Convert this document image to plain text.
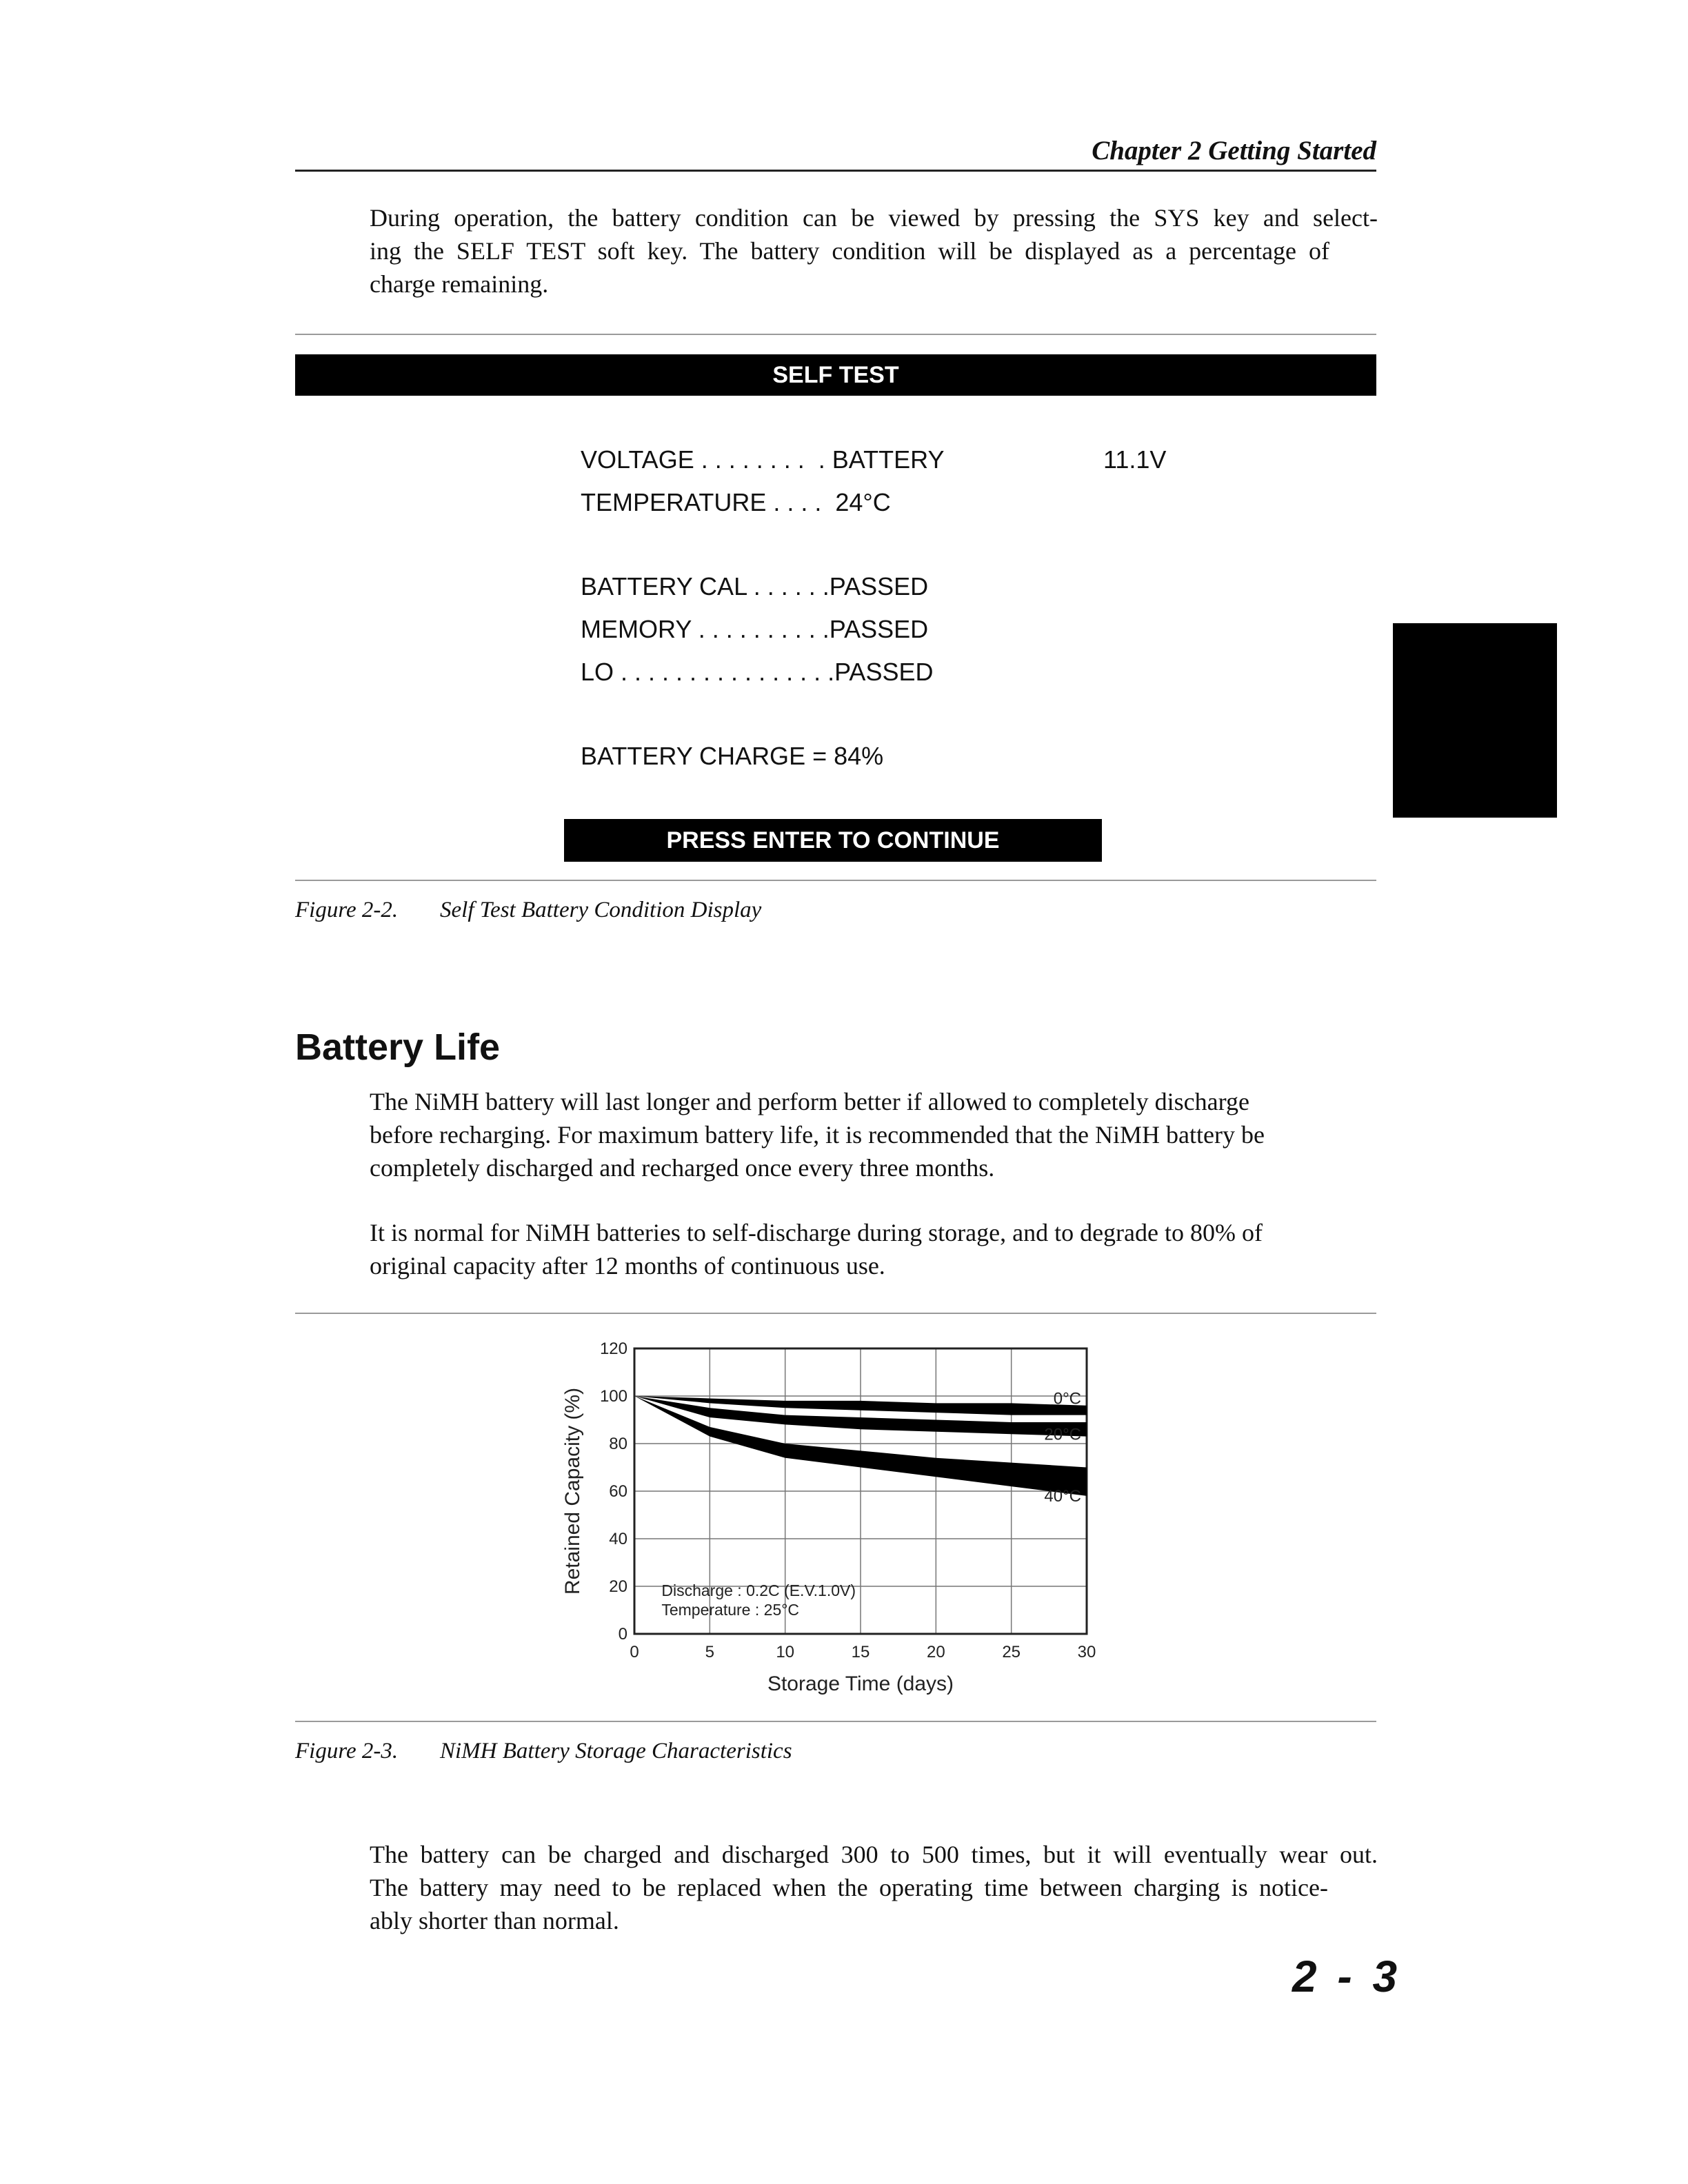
Chapter 2 Getting Started
During operation, the battery condition can be viewed by pressing the SYS key and select-
ing the SELF TEST soft key. The battery condition will be displayed as a percentage of
charge remaining.
SELF TEST
VOLTAGE . . . . . . . .  . BATTERY	11.1V
TEMPERATURE . . . .  24°C
BATTERY CAL . . . . . .PASSED
MEMORY . . . . . . . . . .PASSED
LO . . . . . . . . . . . . . . . .PASSED
BATTERY CHARGE = 84%
PRESS ENTER TO CONTINUE
Figure 2-2. Self Test Battery Condition Display
Battery Life
The NiMH battery will last longer and perform better if allowed to completely discharge
before recharging. For maximum battery life, it is recommended that the NiMH battery be
completely discharged and recharged once every three months.
It is normal for NiMH batteries to self-discharge during storage, and to degrade to 80% of
original capacity after 12 months of continuous use.
0°C
20°C
40°C
0	5	10	15	20	25	30
0
20
40
60
80
100
120
Storage Time (days)
Retained Capacity (%)	Discharge : 0.2C (E.V.1.0V)
Temperature : 25°C
Figure 2-3. NiMH Battery Storage Characteristics
The battery can be charged and discharged 300 to 500 times, but it will eventually wear out.
The battery may need to be replaced when the operating time between charging is notice-
ably shorter than normal.
2 - 3
